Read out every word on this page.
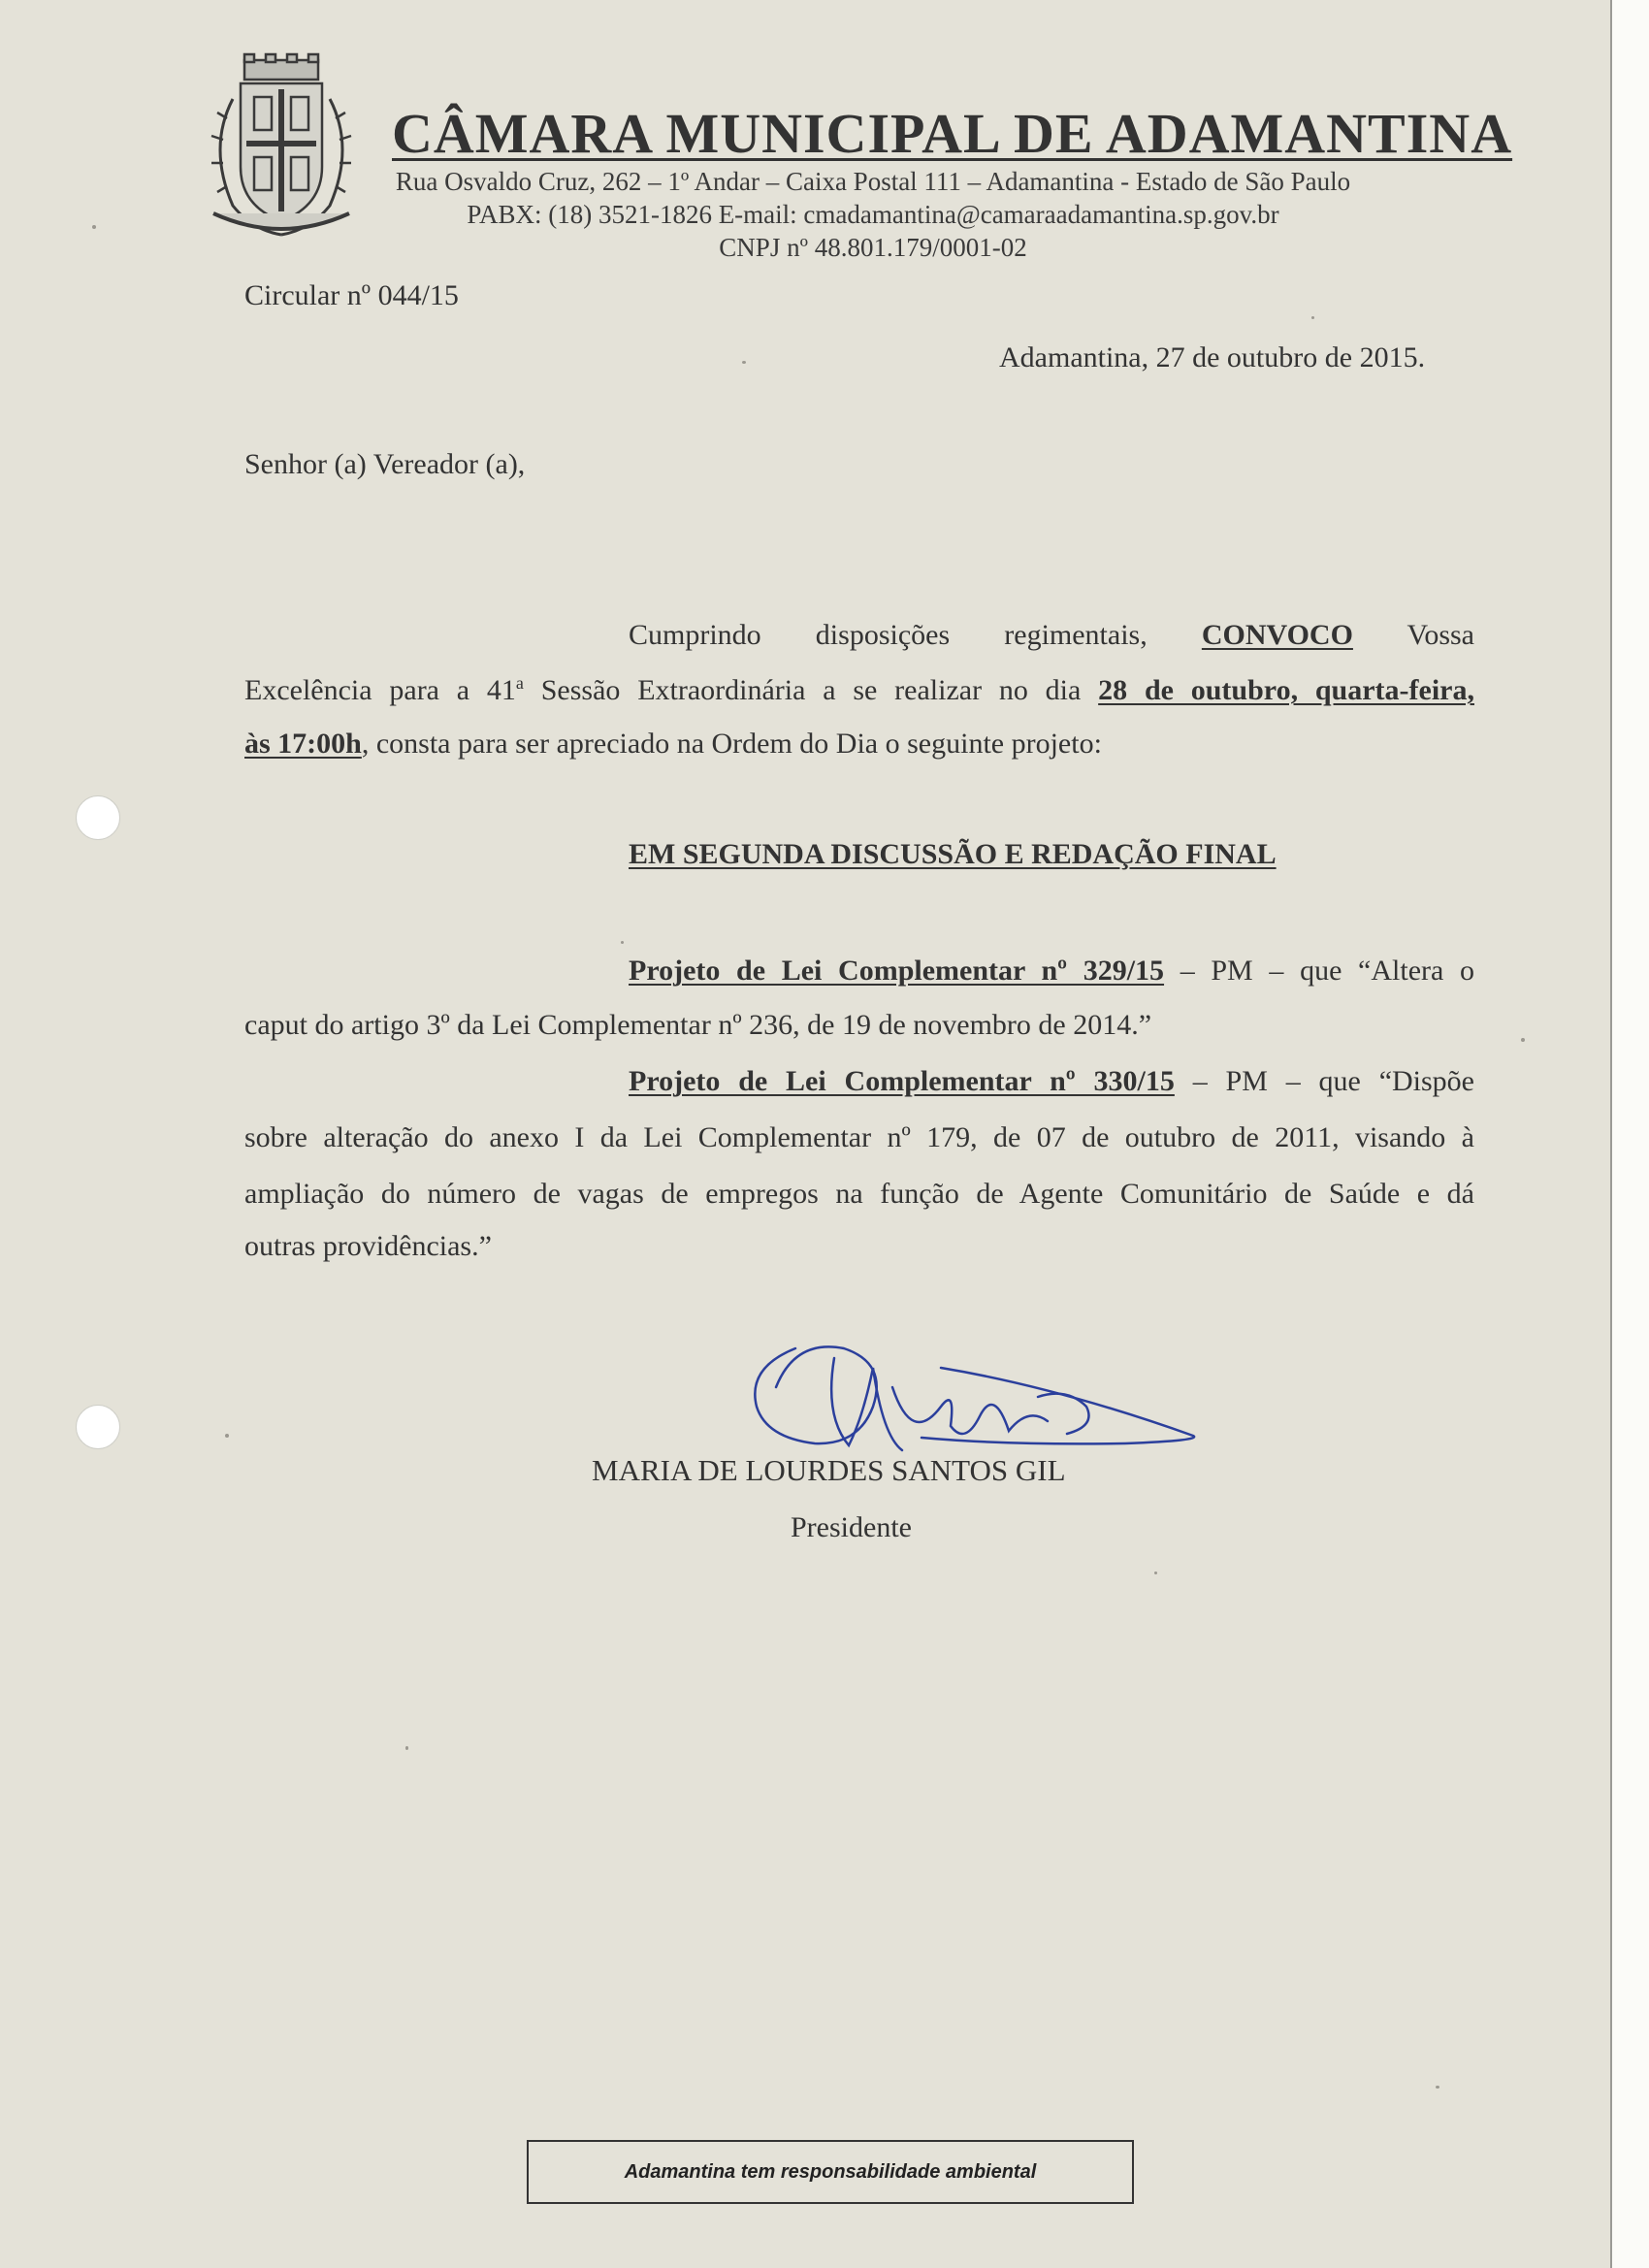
CÂMARA MUNICIPAL DE ADAMANTINA
Rua Osvaldo Cruz, 262 – 1º Andar – Caixa Postal 111 – Adamantina - Estado de São Paulo
PABX: (18) 3521-1826 E-mail: cmadamantina@camaraadamantina.sp.gov.br
CNPJ nº 48.801.179/0001-02
Circular nº 044/15
Adamantina, 27 de outubro de 2015.
Senhor (a) Vereador (a),
Cumprindo disposições regimentais, CONVOCO Vossa
Excelência para a 41$^a$ Sessão Extraordinária a se realizar no dia 28 de outubro, quarta-feira,
às 17:00h, consta para ser apreciado na Ordem do Dia o seguinte projeto:
EM SEGUNDA DISCUSSÃO E REDAÇÃO FINAL
Projeto de Lei Complementar nº 329/15 – PM – que “Altera o
caput do artigo 3º da Lei Complementar nº 236, de 19 de novembro de 2014.”
Projeto de Lei Complementar nº 330/15 – PM – que “Dispõe
sobre alteração do anexo I da Lei Complementar nº 179, de 07 de outubro de 2011, visando à
ampliação do número de vagas de empregos na função de Agente Comunitário de Saúde e dá
outras providências.”
MARIA DE LOURDES SANTOS GIL
Presidente
Adamantina tem responsabilidade ambiental
